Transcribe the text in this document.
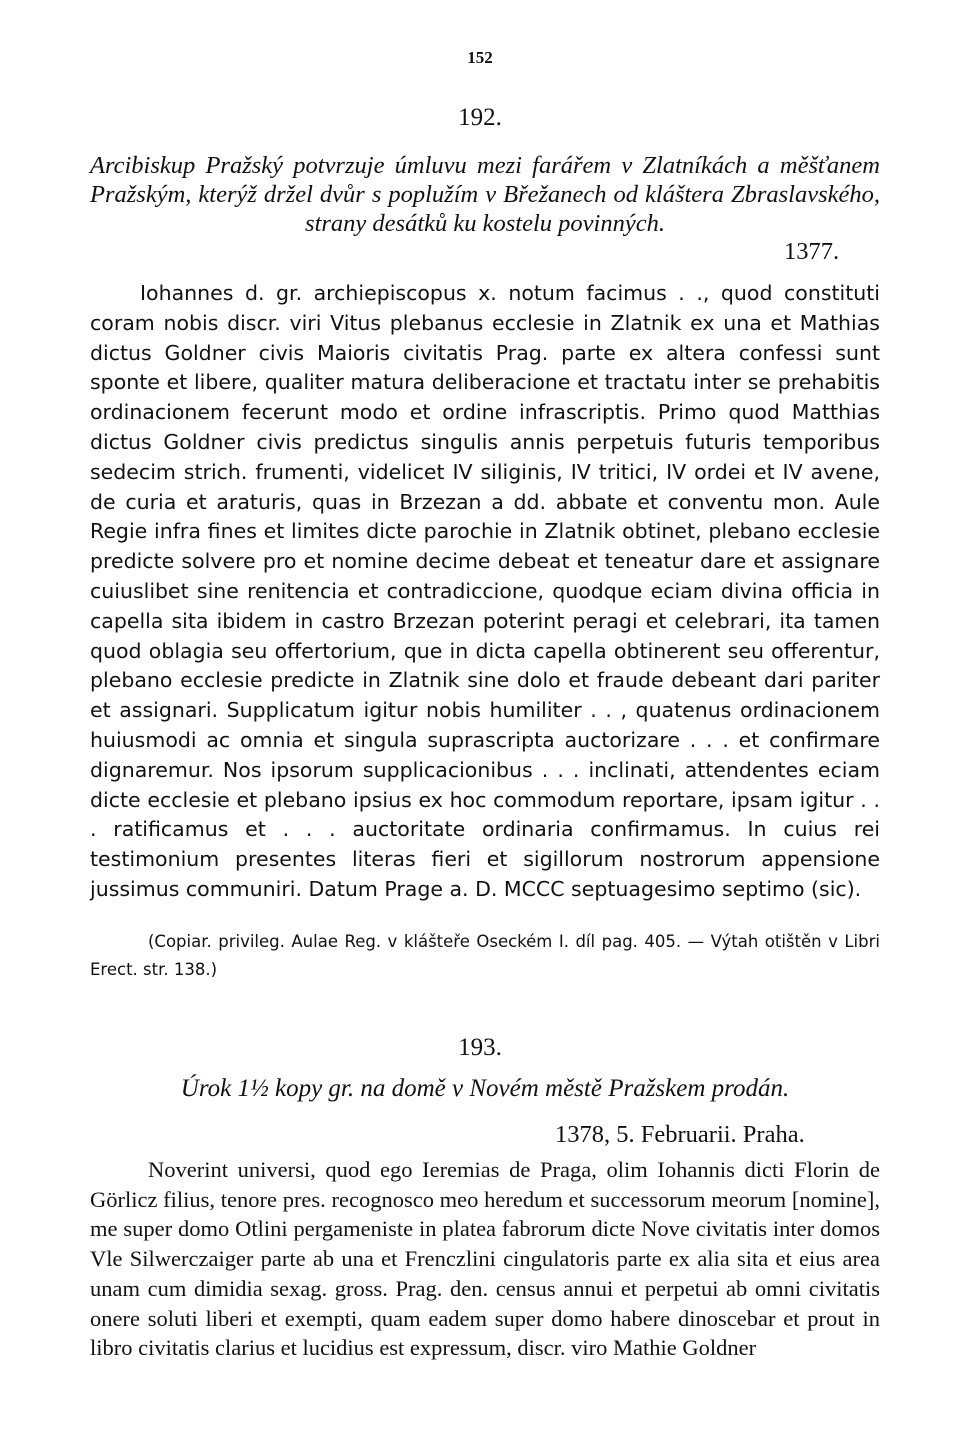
152
192.
Arcibiskup Pražský potvrzuje úmluvu mezi farářem v Zlatníkách a měšťanem Pražským, kterýž držel dvůr s poplužím v Břežanech od kláštera Zbraslavského, strany desátků ku kostelu povinných.
1377.

Iohannes d. gr. archiepiscopus x. notum facimus . ., quod constituti coram nobis discr. viri Vitus plebanus ecclesie in Zlatnik ex una et Mathias dictus Goldner civis Maioris civitatis Prag. parte ex altera confessi sunt sponte et libere, qualiter matura deliberacione et tractatu inter se prehabitis ordinacionem fecerunt modo et ordine infrascriptis. Primo quod Matthias dictus Goldner civis predictus singulis annis perpetuis futuris temporibus sedecim strich. frumenti, videlicet IV siliginis, IV tritici, IV ordei et IV avene, de curia et araturis, quas in Brzezan a dd. abbate et conventu mon. Aule Regie infra fines et limites dicte parochie in Zlatnik obtinet, plebano ecclesie predicte solvere pro et nomine decime debeat et teneatur dare et assignare cuiuslibet sine renitencia et contradiccione, quodque eciam divina officia in capella sita ibidem in castro Brzezan poterint peragi et celebrari, ita tamen quod oblagia seu offertorium, que in dicta capella obtinerent seu offerentur, plebano ecclesie predicte in Zlatnik sine dolo et fraude debeant dari pariter et assignari. Supplicatum igitur nobis humiliter . . , quatenus ordinacionem huiusmodi ac omnia et singula suprascripta auctorizare . . . et confirmare dignaremur. Nos ipsorum supplicacionibus . . . inclinati, attendentes eciam dicte ecclesie et plebano ipsius ex hoc commodum reportare, ipsam igitur . . . ratificamus et . . . auctoritate ordinaria confirmamus. In cuius rei testimonium presentes literas fieri et sigillorum nostrorum appensione jussimus communiri. Datum Prage a. D. MCCC septuagesimo septimo (sic).

(Copiar. privileg. Aulae Reg. v klášteře Oseckém I. díl pag. 405. — Výtah otištěn v Libri Erect. str. 138.)
193.
Úrok 1½ kopy gr. na domě v Novém městě Pražskem prodán.
1378, 5. Februarii. Praha.

Noverint universi, quod ego Ieremias de Praga, olim Iohannis dicti Florin de Görlicz filius, tenore pres. recognosco meo heredum et successorum meorum [nomine], me super domo Otlini pergameniste in platea fabrorum dicte Nove civitatis inter domos Vle Silwerczaiger parte ab una et Frenczlini cingulatoris parte ex alia sita et eius area unam cum dimidia sexag. gross. Prag. den. census annui et perpetui ab omni civitatis onere soluti liberi et exempti, quam eadem super domo habere dinoscebar et prout in libro civitatis clarius et lucidius est expressum, discr. viro Mathie Goldner
